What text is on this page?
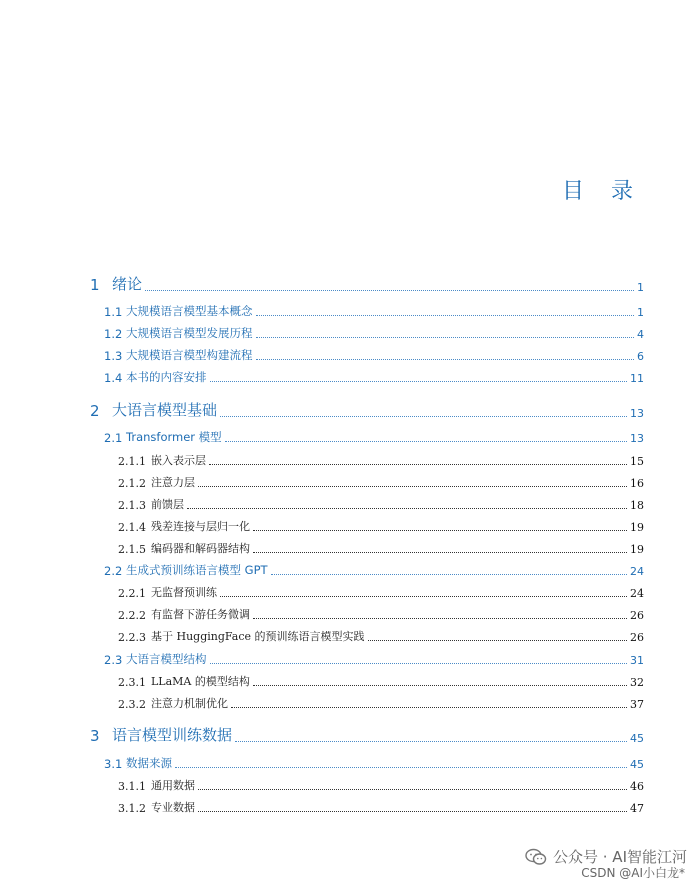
目 录
1 绪论	1
1.1 大规模语言模型基本概念	1
1.2 大规模语言模型发展历程	4
1.3 大规模语言模型构建流程	6
1.4 本书的内容安排	11
2 大语言模型基础	13
2.1 Transformer 模型	13
2.1.1 嵌入表示层	15
2.1.2 注意力层	16
2.1.3 前馈层	18
2.1.4 残差连接与层归一化	19
2.1.5 编码器和解码器结构	19
2.2 生成式预训练语言模型 GPT	24
2.2.1 无监督预训练	24
2.2.2 有监督下游任务微调	26
2.2.3 基于 HuggingFace 的预训练语言模型实践	26
2.3 大语言模型结构	31
2.3.1 LLaMA 的模型结构	32
2.3.2 注意力机制优化	37
3 语言模型训练数据	45
3.1 数据来源	45
3.1.1 通用数据	46
3.1.2 专业数据	47
公众号 · AI智能江河
CSDN @AI小白龙*
